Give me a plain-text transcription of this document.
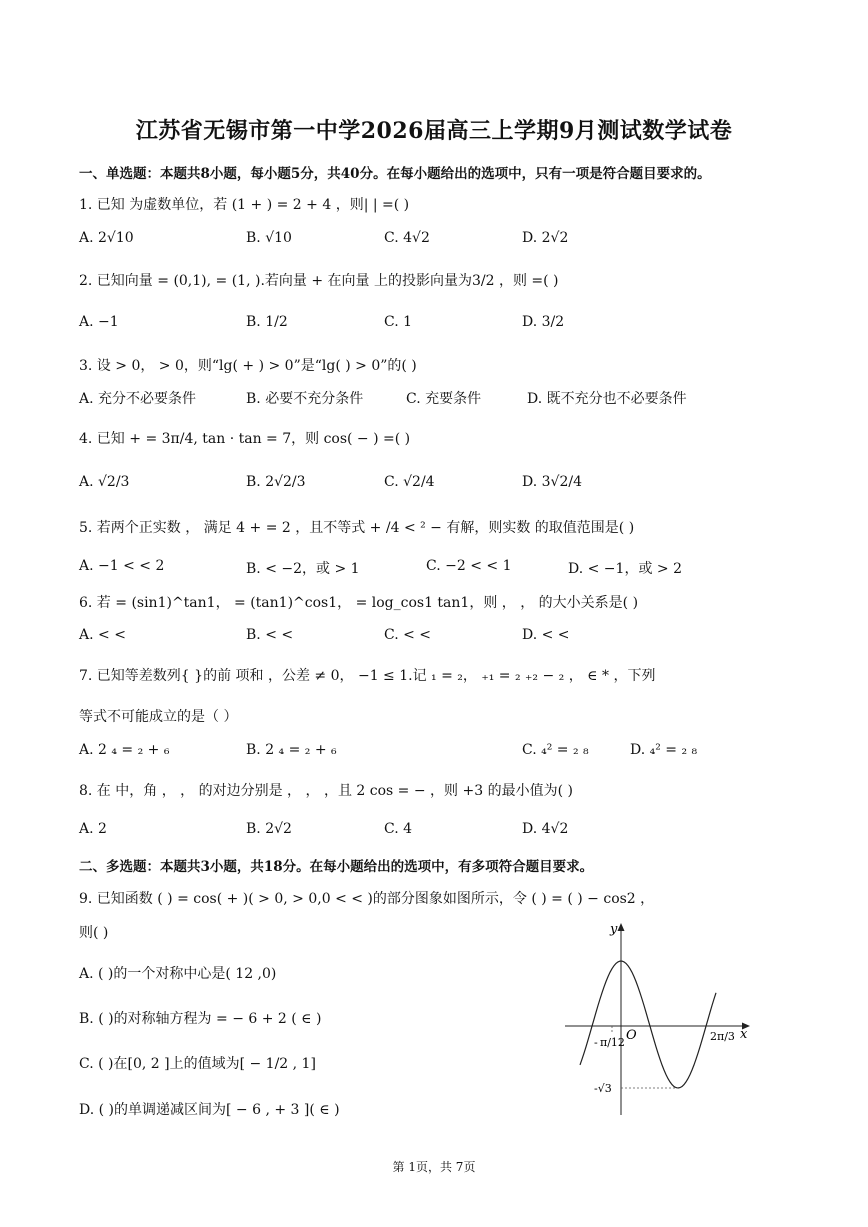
江苏省无锡市第一中学2026届高三上学期9月测试数学试卷
一、单选题：本题共8小题，每小题5分，共40分。在每小题给出的选项中，只有一项是符合题目要求的。
1. 已知 为虚数单位，若 (1 + ) = 2 + 4 ，则| | =( )
A. 2√10	B. √10	C. 4√2	D. 2√2
2. 已知向量 = (0,1), = (1, ).若向量 + 在向量 上的投影向量为3/2 ，则 =( )
A. −1	B. 1/2	C. 1	D. 3/2
3. 设 > 0， > 0，则“lg( + ) > 0”是“lg( ) > 0”的( )
A. 充分不必要条件	B. 必要不充分条件	C. 充要条件	D. 既不充分也不必要条件
4. 已知 + = 3π/4, tan · tan = 7，则 cos( − ) =( )
A. √2/3	B. 2√2/3	C. √2/4	D. 3√2/4
5. 若两个正实数 ， 满足 4 + = 2 ，且不等式 + /4 < ² − 有解，则实数 的取值范围是( )
A. −1 < < 2	B. < −2，或 > 1	C. −2 < < 1	D. < −1，或 > 2
6. 若 = (sin1)^tan1， = (tan1)^cos1， = log_cos1 tan1，则 ， ， 的大小关系是( )
A. < <	B. < <	C. < <	D. < <
7. 已知等差数列{ }的前 项和 ，公差 ≠ 0， −1 ≤ 1.记 ₁ = ₂， ₊₁ = ₂ ₊₂ − ₂ ， ∈ * ，下列
等式不可能成立的是（ ）
A. 2 ₄ = ₂ + ₆	B. 2 ₄ = ₂ + ₆	C. ₄² = ₂ ₈	D. ₄² = ₂ ₈
8. 在 中，角 ， ， 的对边分别是 ， ， ，且 2 cos = − ，则 +3 的最小值为( )
A. 2	B. 2√2	C. 4	D. 4√2
二、多选题：本题共3小题，共18分。在每小题给出的选项中，有多项符合题目要求。
9. 已知函数 ( ) = cos( + )( > 0, > 0,0 < < )的部分图象如图所示，令 ( ) = ( ) − cos2 ，
则( )
A. ( )的一个对称中心是( 12 ,0)
B. ( )的对称轴方程为 = − 6 + 2 ( ∈ )
C. ( )在[0, 2 ]上的值域为[ − 1/2 , 1]
D. ( )的单调递减区间为[ − 6 , + 3 ]( ∈ )
y
x
O
- π/12	2π/3
-√3
第 1页，共 7页
